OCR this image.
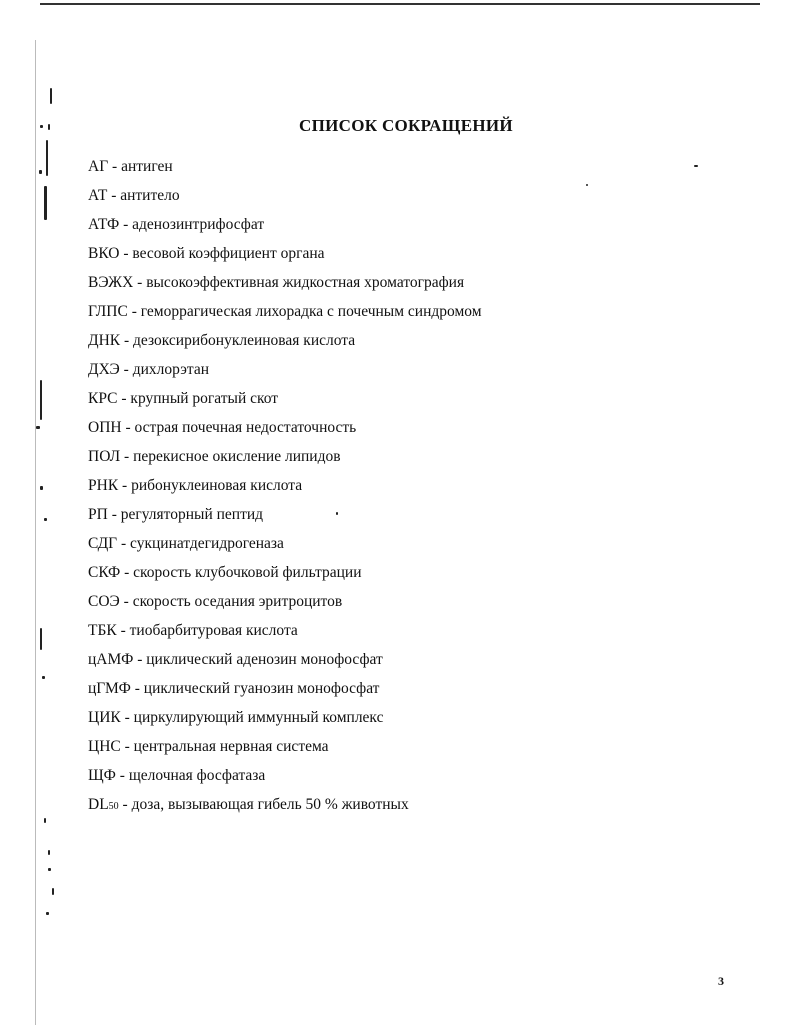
СПИСОК СОКРАЩЕНИЙ
АГ - антиген
АТ - антитело
АТФ - аденозинтрифосфат
ВКО - весовой коэффициент органа
ВЭЖХ - высокоэффективная жидкостная хроматография
ГЛПС - геморрагическая лихорадка с почечным синдромом
ДНК - дезоксирибонуклеиновая кислота
ДХЭ - дихлорэтан
КРС - крупный рогатый скот
ОПН - острая почечная недостаточность
ПОЛ - перекисное окисление липидов
РНК - рибонуклеиновая кислота
РП - регуляторный пептид
СДГ - сукцинатдегидрогеназа
СКФ - скорость клубочковой фильтрации
СОЭ - скорость оседания эритроцитов
ТБК - тиобарбитуровая кислота
цАМФ - циклический аденозин монофосфат
цГМФ - циклический гуанозин монофосфат
ЦИК - циркулирующий иммунный комплекс
ЦНС - центральная нервная система
ЩФ - щелочная фосфатаза
DL50 - доза, вызывающая гибель 50 % животных
3
